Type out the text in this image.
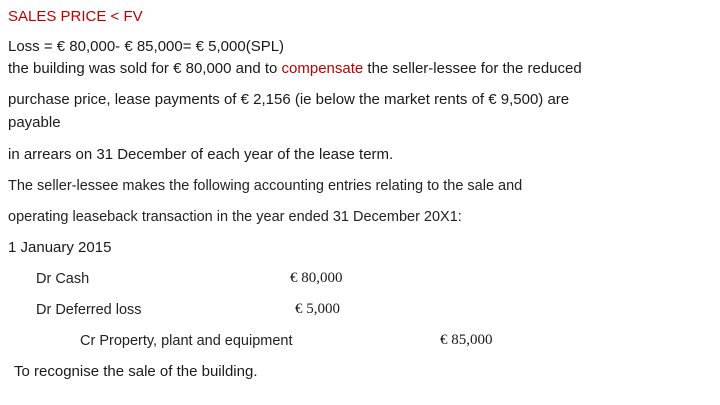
SALES PRICE < FV
Loss = € 80,000- € 85,000= € 5,000(SPL)
the building was sold for € 80,000 and to compensate the seller-lessee for the reduced
purchase price, lease payments of € 2,156 (ie below the market rents of € 9,500) are
payable
in arrears on 31 December of each year of the lease term.
The seller-lessee makes the following accounting entries relating to the sale and
operating leaseback transaction in the year ended 31 December 20X1:
1 January 2015
Dr Cash	€ 80,000
Dr Deferred loss	€ 5,000
Cr Property, plant and equipment	€ 85,000
To recognise the sale of the building.
